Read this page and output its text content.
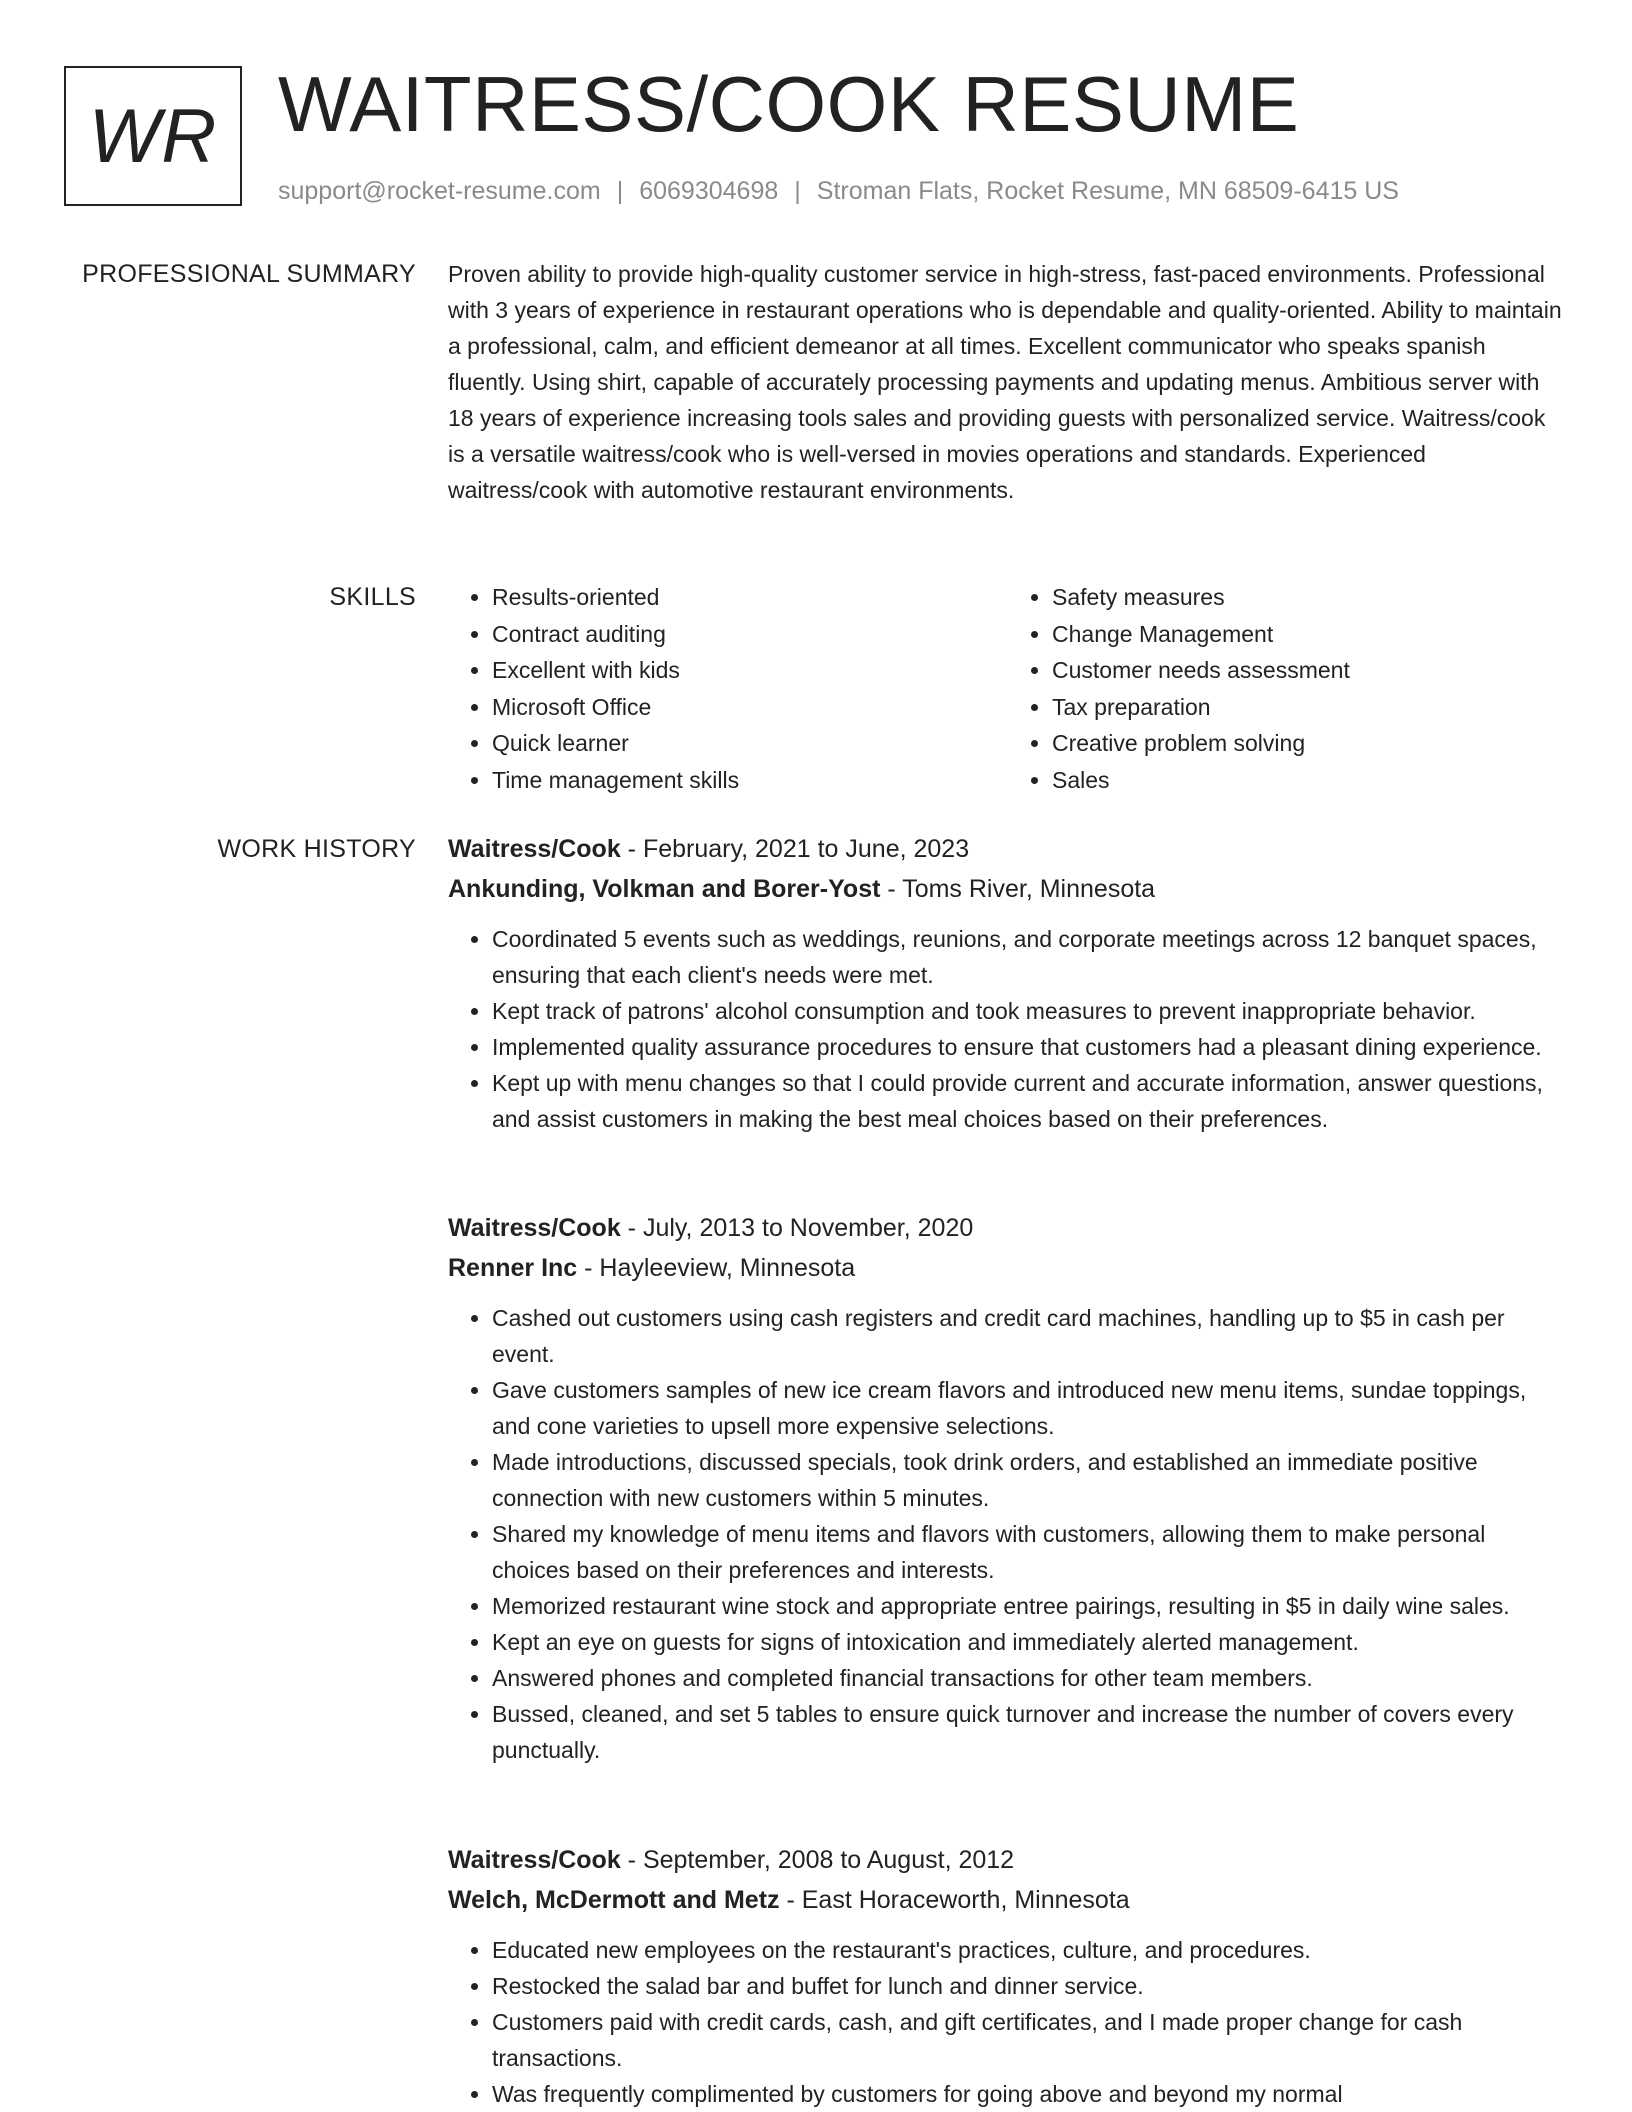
WR WAITRESS/COOK RESUME
support@rocket-resume.com | 6069304698 | Stroman Flats, Rocket Resume, MN 68509-6415 US
PROFESSIONAL SUMMARY Proven ability to provide high-quality customer service in high-stress, fast-paced environments. Professional with 3 years of experience in restaurant operations who is dependable and quality-oriented. Ability to maintain a professional, calm, and efficient demeanor at all times. Excellent communicator who speaks spanish fluently. Using shirt, capable of accurately processing payments and updating menus. Ambitious server with 18 years of experience increasing tools sales and providing guests with personalized service. Waitress/cook is a versatile waitress/cook who is well-versed in movies operations and standards. Experienced waitress/cook with automotive restaurant environments.

SKILLS
•	Results-oriented
• Contract auditing
• Excellent with kids
• Microsoft Office
• Quick learner
• Time management skills
• Safety measures
• Change Management
• Customer needs assessment
• Tax preparation
• Creative problem solving
• Sales
WORK HISTORY Waitress/Cook - February, 2021 to June, 2023
Ankunding, Volkman and Borer-Yost - Toms River, Minnesota
• Coordinated 5 events such as weddings, reunions, and corporate meetings across 12 banquet spaces, ensuring that each client's needs were met.
• Kept track of patrons' alcohol consumption and took measures to prevent inappropriate behavior.
• Implemented quality assurance procedures to ensure that customers had a pleasant dining experience.
• Kept up with menu changes so that I could provide current and accurate information, answer questions, and assist customers in making the best meal choices based on their preferences.
Waitress/Cook - July, 2013 to November, 2020
Renner Inc - Hayleeview, Minnesota
• Cashed out customers using cash registers and credit card machines, handling up to $5 in cash per event.
• Gave customers samples of new ice cream flavors and introduced new menu items, sundae toppings, and cone varieties to upsell more expensive selections.
• Made introductions, discussed specials, took drink orders, and established an immediate positive connection with new customers within 5 minutes.
• Shared my knowledge of menu items and flavors with customers, allowing them to make personal choices based on their preferences and interests.
• Memorized restaurant wine stock and appropriate entree pairings, resulting in $5 in daily wine sales.
• Kept an eye on guests for signs of intoxication and immediately alerted management.
• Answered phones and completed financial transactions for other team members.
• Bussed, cleaned, and set 5 tables to ensure quick turnover and increase the number of covers every punctually.
Waitress/Cook - September, 2008 to August, 2012
Welch, McDermott and Metz - East Horaceworth, Minnesota
• Educated new employees on the restaurant's practices, culture, and procedures.
• Restocked the salad bar and buffet for lunch and dinner service.
• Customers paid with credit cards, cash, and gift certificates, and I made proper change for cash transactions.
• Was frequently complimented by customers for going above and beyond my normal
